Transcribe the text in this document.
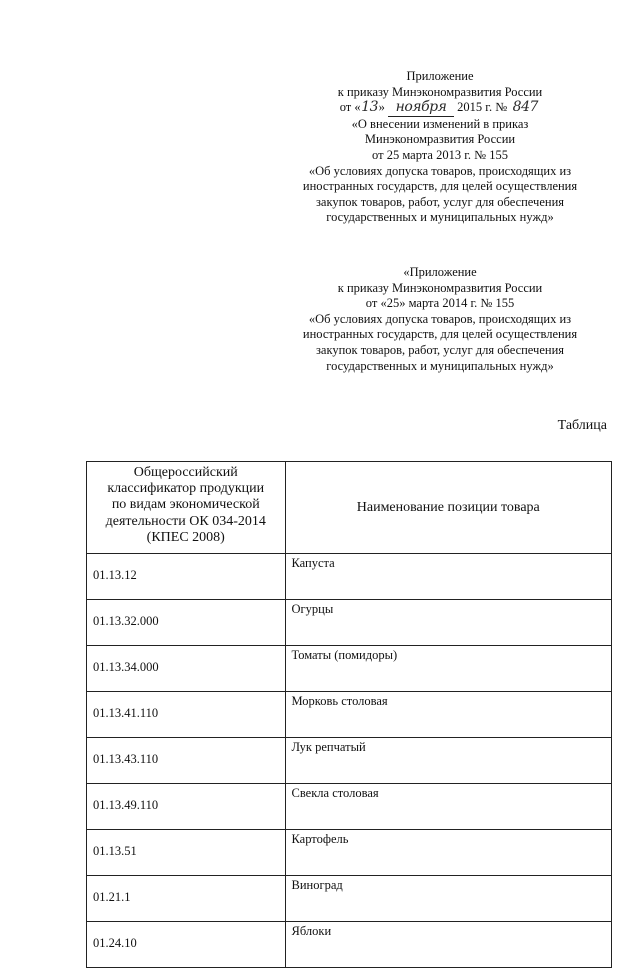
Приложение
к приказу Минэкономразвития России
от «13» ноября 2015 г. № 847
«О внесении изменений в приказ
Минэкономразвития России
от 25 марта 2013 г. № 155
«Об условиях допуска товаров, происходящих из
иностранных государств, для целей осуществления
закупок товаров, работ, услуг для обеспечения
государственных и муниципальных нужд»
«Приложение
к приказу Минэкономразвития России
от «25» марта 2014 г. № 155
«Об условиях допуска товаров, происходящих из
иностранных государств, для целей осуществления
закупок товаров, работ, услуг для обеспечения
государственных и муниципальных нужд»
Таблица
Общероссийский
классификатор продукции
по видам экономической
деятельности ОК 034-2014
(КПЕС 2008)	Наименование позиции товара
01.13.12	Капуста
01.13.32.000	Огурцы
01.13.34.000	Томаты (помидоры)
01.13.41.110	Морковь столовая
01.13.43.110	Лук репчатый
01.13.49.110	Свекла столовая
01.13.51	Картофель
01.21.1	Виноград
01.24.10	Яблоки
